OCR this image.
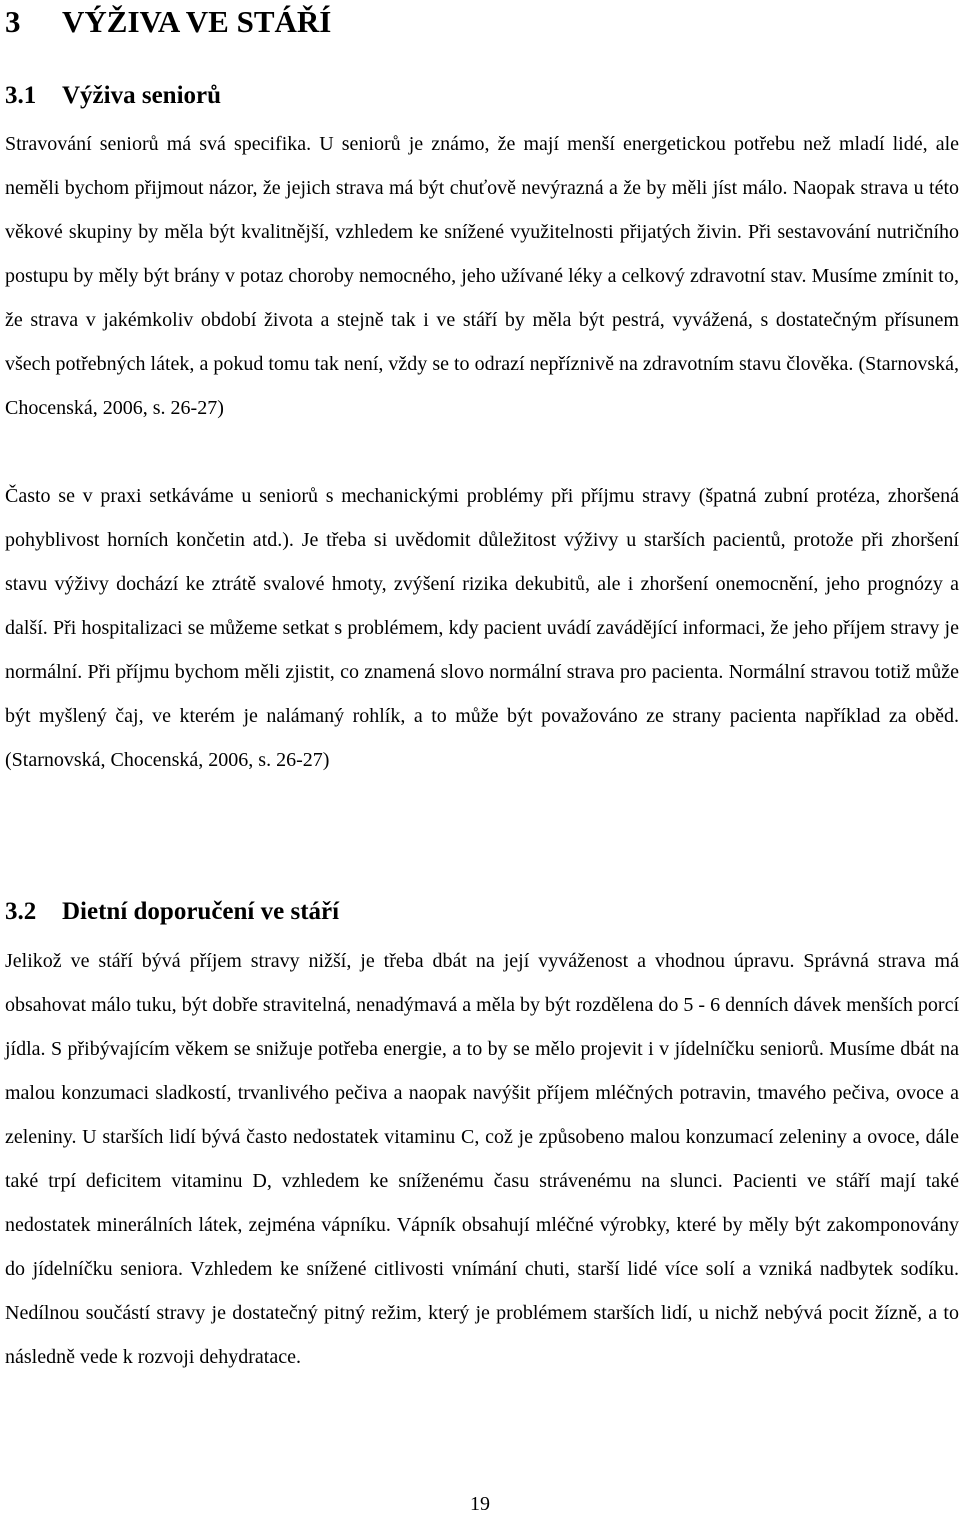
3 VÝŽIVA VE STÁŘÍ
3.1 Výživa seniorů

Stravování seniorů má svá specifika. U seniorů je známo, že mají menší energetickou potřebu než mladí lidé, ale neměli bychom přijmout názor, že jejich strava má být chuťově nevýrazná a že by měli jíst málo. Naopak strava u této věkové skupiny by měla být kvalitnější, vzhledem ke snížené využitelnosti přijatých živin. Při sestavování nutričního postupu by měly být brány v potaz choroby nemocného, jeho užívané léky a celkový zdravotní stav. Musíme zmínit to, že strava v jakémkoliv období života a stejně tak i ve stáří by měla být pestrá, vyvážená, s dostatečným přísunem všech potřebných látek, a pokud tomu tak není, vždy se to odrazí nepříznivě na zdravotním stavu člověka. (Starnovská, Chocenská, 2006, s. 26-27)

Často se v praxi setkáváme u seniorů s mechanickými problémy při příjmu stravy (špatná zubní protéza, zhoršená pohyblivost horních končetin atd.). Je třeba si uvědomit důležitost výživy u starších pacientů, protože při zhoršení stavu výživy dochází ke ztrátě svalové hmoty, zvýšení rizika dekubitů, ale i zhoršení onemocnění, jeho prognózy a další. Při hospitalizaci se můžeme setkat s problémem, kdy pacient uvádí zavádějící informaci, že jeho příjem stravy je normální. Při příjmu bychom měli zjistit, co znamená slovo normální strava pro pacienta. Normální stravou totiž může být myšlený čaj, ve kterém je nalámaný rohlík, a to může být považováno ze strany pacienta například za oběd. (Starnovská, Chocenská, 2006, s. 26-27)

3.2 Dietní doporučení ve stáří

Jelikož ve stáří bývá příjem stravy nižší, je třeba dbát na její vyváženost a vhodnou úpravu. Správná strava má obsahovat málo tuku, být dobře stravitelná, nenadýmavá a měla by být rozdělena do 5 - 6 denních dávek menších porcí jídla. S přibývajícím věkem se snižuje potřeba energie, a to by se mělo projevit i v jídelníčku seniorů. Musíme dbát na malou konzumaci sladkostí, trvanlivého pečiva a naopak navýšit příjem mléčných potravin, tmavého pečiva, ovoce a zeleniny. U starších lidí bývá často nedostatek vitaminu C, což je způsobeno malou konzumací zeleniny a ovoce, dále také trpí deficitem vitaminu D, vzhledem ke sníženému času strávenému na slunci. Pacienti ve stáří mají také nedostatek minerálních látek, zejména vápníku. Vápník obsahují mléčné výrobky, které by měly být zakomponovány do jídelníčku seniora. Vzhledem ke snížené citlivosti vnímání chuti, starší lidé více solí a vzniká nadbytek sodíku. Nedílnou součástí stravy je dostatečný pitný režim, který je problémem starších lidí, u nichž nebývá pocit žízně, a to následně vede k rozvoji dehydratace.

19
